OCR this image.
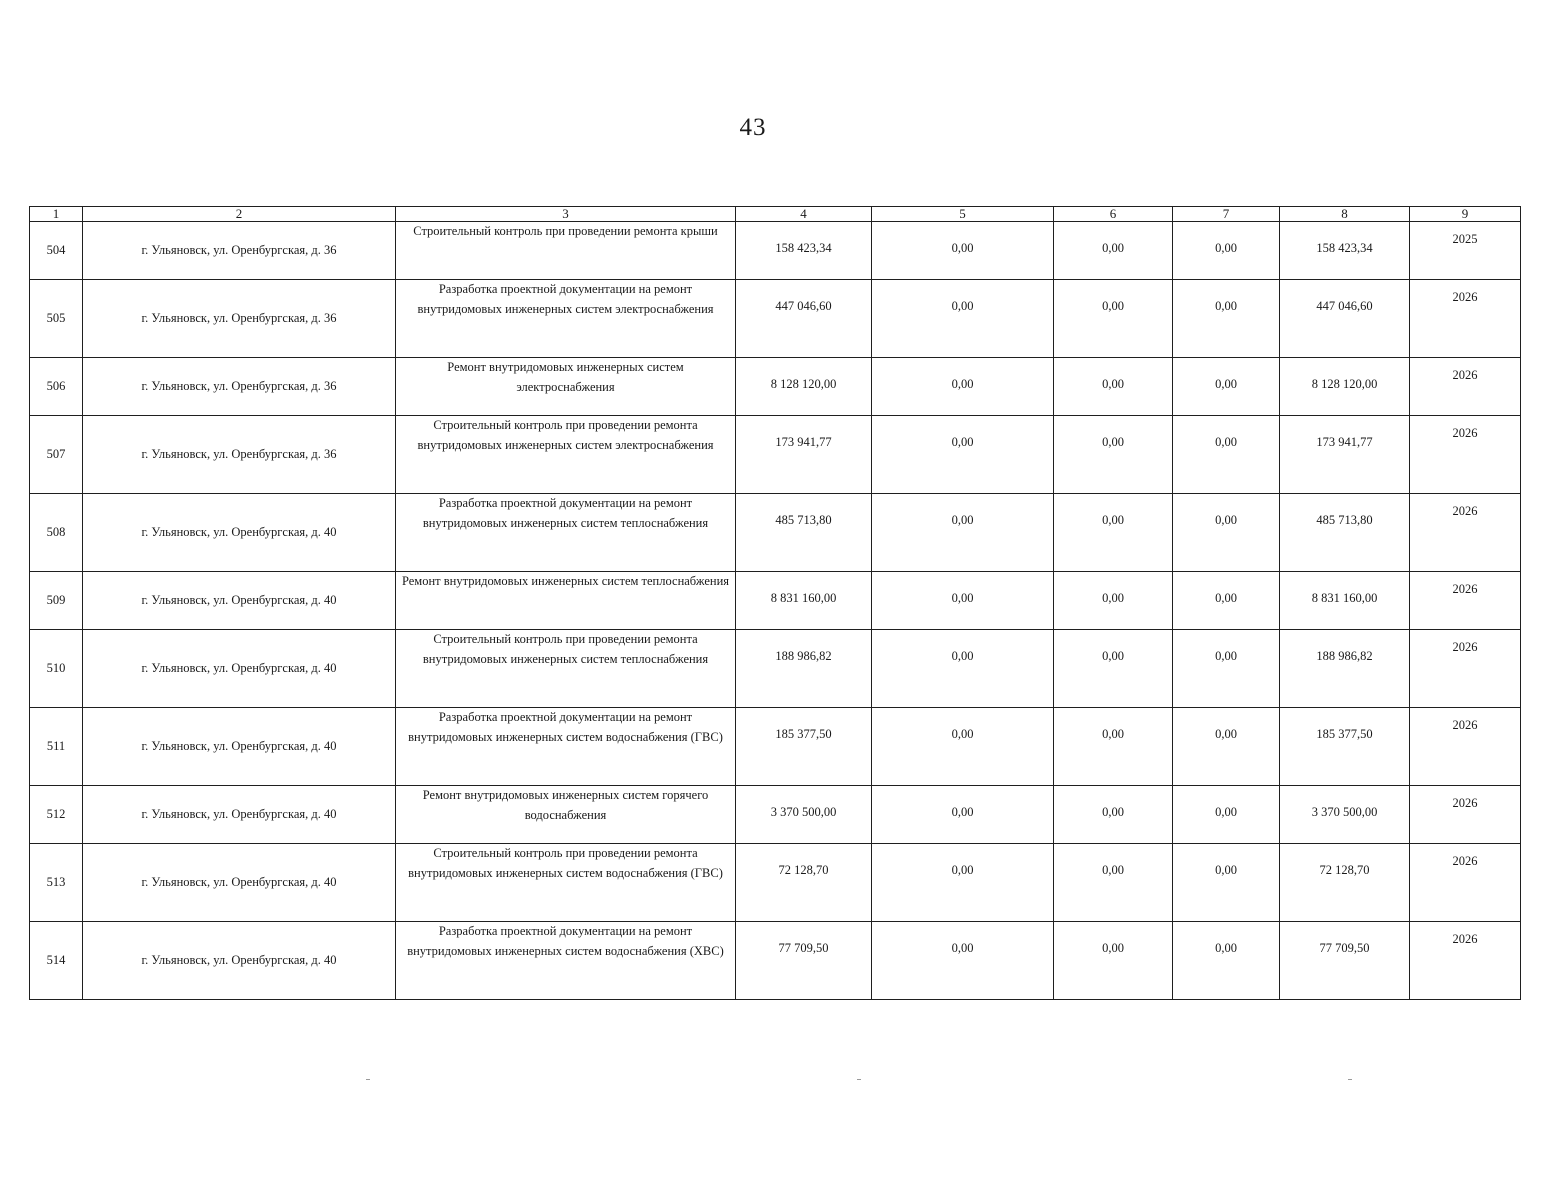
43
1	2	3	4	5	6	7	8	9
504	г. Ульяновск, ул. Оренбургская, д. 36	Строительный контроль при проведении ремонта крыши	158 423,34	0,00	0,00	0,00	158 423,34	2025
505	г. Ульяновск, ул. Оренбургская, д. 36	Разработка проектной документации на ремонт внутридомовых инженерных систем электроснабжения	447 046,60	0,00	0,00	0,00	447 046,60	2026
506	г. Ульяновск, ул. Оренбургская, д. 36	Ремонт внутридомовых инженерных систем электроснабжения	8 128 120,00	0,00	0,00	0,00	8 128 120,00	2026
507	г. Ульяновск, ул. Оренбургская, д. 36	Строительный контроль при проведении ремонта внутридомовых инженерных систем электроснабжения	173 941,77	0,00	0,00	0,00	173 941,77	2026
508	г. Ульяновск, ул. Оренбургская, д. 40	Разработка проектной документации на ремонт внутридомовых инженерных систем теплоснабжения	485 713,80	0,00	0,00	0,00	485 713,80	2026
509	г. Ульяновск, ул. Оренбургская, д. 40	Ремонт внутридомовых инженерных систем теплоснабжения	8 831 160,00	0,00	0,00	0,00	8 831 160,00	2026
510	г. Ульяновск, ул. Оренбургская, д. 40	Строительный контроль при проведении ремонта внутридомовых инженерных систем теплоснабжения	188 986,82	0,00	0,00	0,00	188 986,82	2026
511	г. Ульяновск, ул. Оренбургская, д. 40	Разработка проектной документации на ремонт внутридомовых инженерных систем водоснабжения (ГВС)	185 377,50	0,00	0,00	0,00	185 377,50	2026
512	г. Ульяновск, ул. Оренбургская, д. 40	Ремонт внутридомовых инженерных систем горячего водоснабжения	3 370 500,00	0,00	0,00	0,00	3 370 500,00	2026
513	г. Ульяновск, ул. Оренбургская, д. 40	Строительный контроль при проведении ремонта внутридомовых инженерных систем водоснабжения (ГВС)	72 128,70	0,00	0,00	0,00	72 128,70	2026
514	г. Ульяновск, ул. Оренбургская, д. 40	Разработка проектной документации на ремонт внутридомовых инженерных систем водоснабжения (ХВС)	77 709,50	0,00	0,00	0,00	77 709,50	2026
